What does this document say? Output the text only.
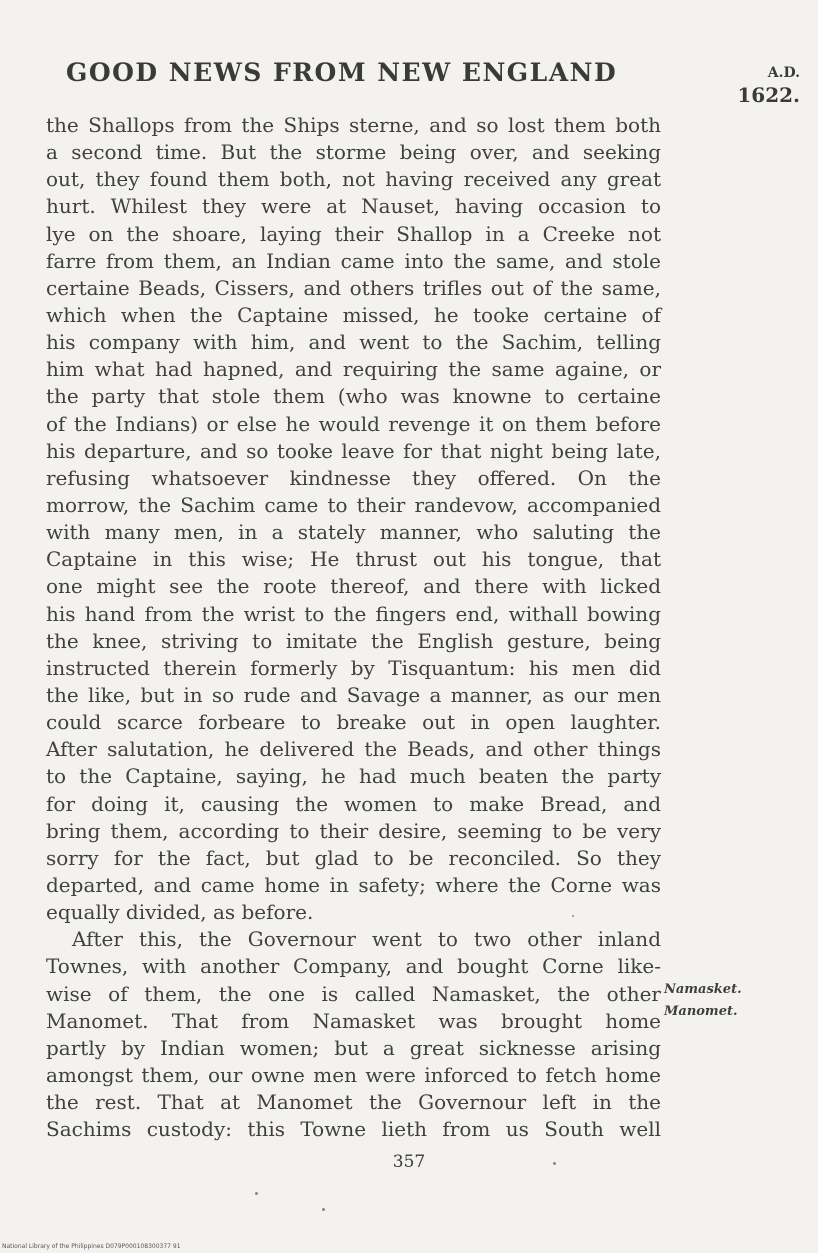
GOOD NEWS FROM NEW ENGLAND	A.D.
1622.
the Shallops from the Ships sterne, and so lost them both
a second time. But the storme being over, and seeking
out, they found them both, not having received any great
hurt. Whilest they were at Nauset, having occasion to
lye on the shoare, laying their Shallop in a Creeke not
farre from them, an Indian came into the same, and stole
certaine Beads, Cissers, and others trifles out of the same,
which when the Captaine missed, he tooke certaine of
his company with him, and went to the Sachim, telling
him what had hapned, and requiring the same againe, or
the party that stole them (who was knowne to certaine
of the Indians) or else he would revenge it on them before
his departure, and so tooke leave for that night being late,
refusing whatsoever kindnesse they offered. On the
morrow, the Sachim came to their randevow, accompanied
with many men, in a stately manner, who saluting the
Captaine in this wise; He thrust out his tongue, that
one might see the roote thereof, and there with licked
his hand from the wrist to the fingers end, withall bowing
the knee, striving to imitate the English gesture, being
instructed therein formerly by Tisquantum: his men did
the like, but in so rude and Savage a manner, as our men
could scarce forbeare to breake out in open laughter.
After salutation, he delivered the Beads, and other things
to the Captaine, saying, he had much beaten the party
for doing it, causing the women to make Bread, and
bring them, according to their desire, seeming to be very
sorry for the fact, but glad to be reconciled. So they
departed, and came home in safety; where the Corne was
equally divided, as before.
After this, the Governour went to two other inland
Townes, with another Company, and bought Corne like-
wise of them, the one is called Namasket, the other
Manomet. That from Namasket was brought home
partly by Indian women; but a great sicknesse arising
amongst them, our owne men were inforced to fetch home
the rest. That at Manomet the Governour left in the
Sachims custody: this Towne lieth from us South well
Namasket.
Manomet.
357
National Library of the Philippines D079P000108300377 91
